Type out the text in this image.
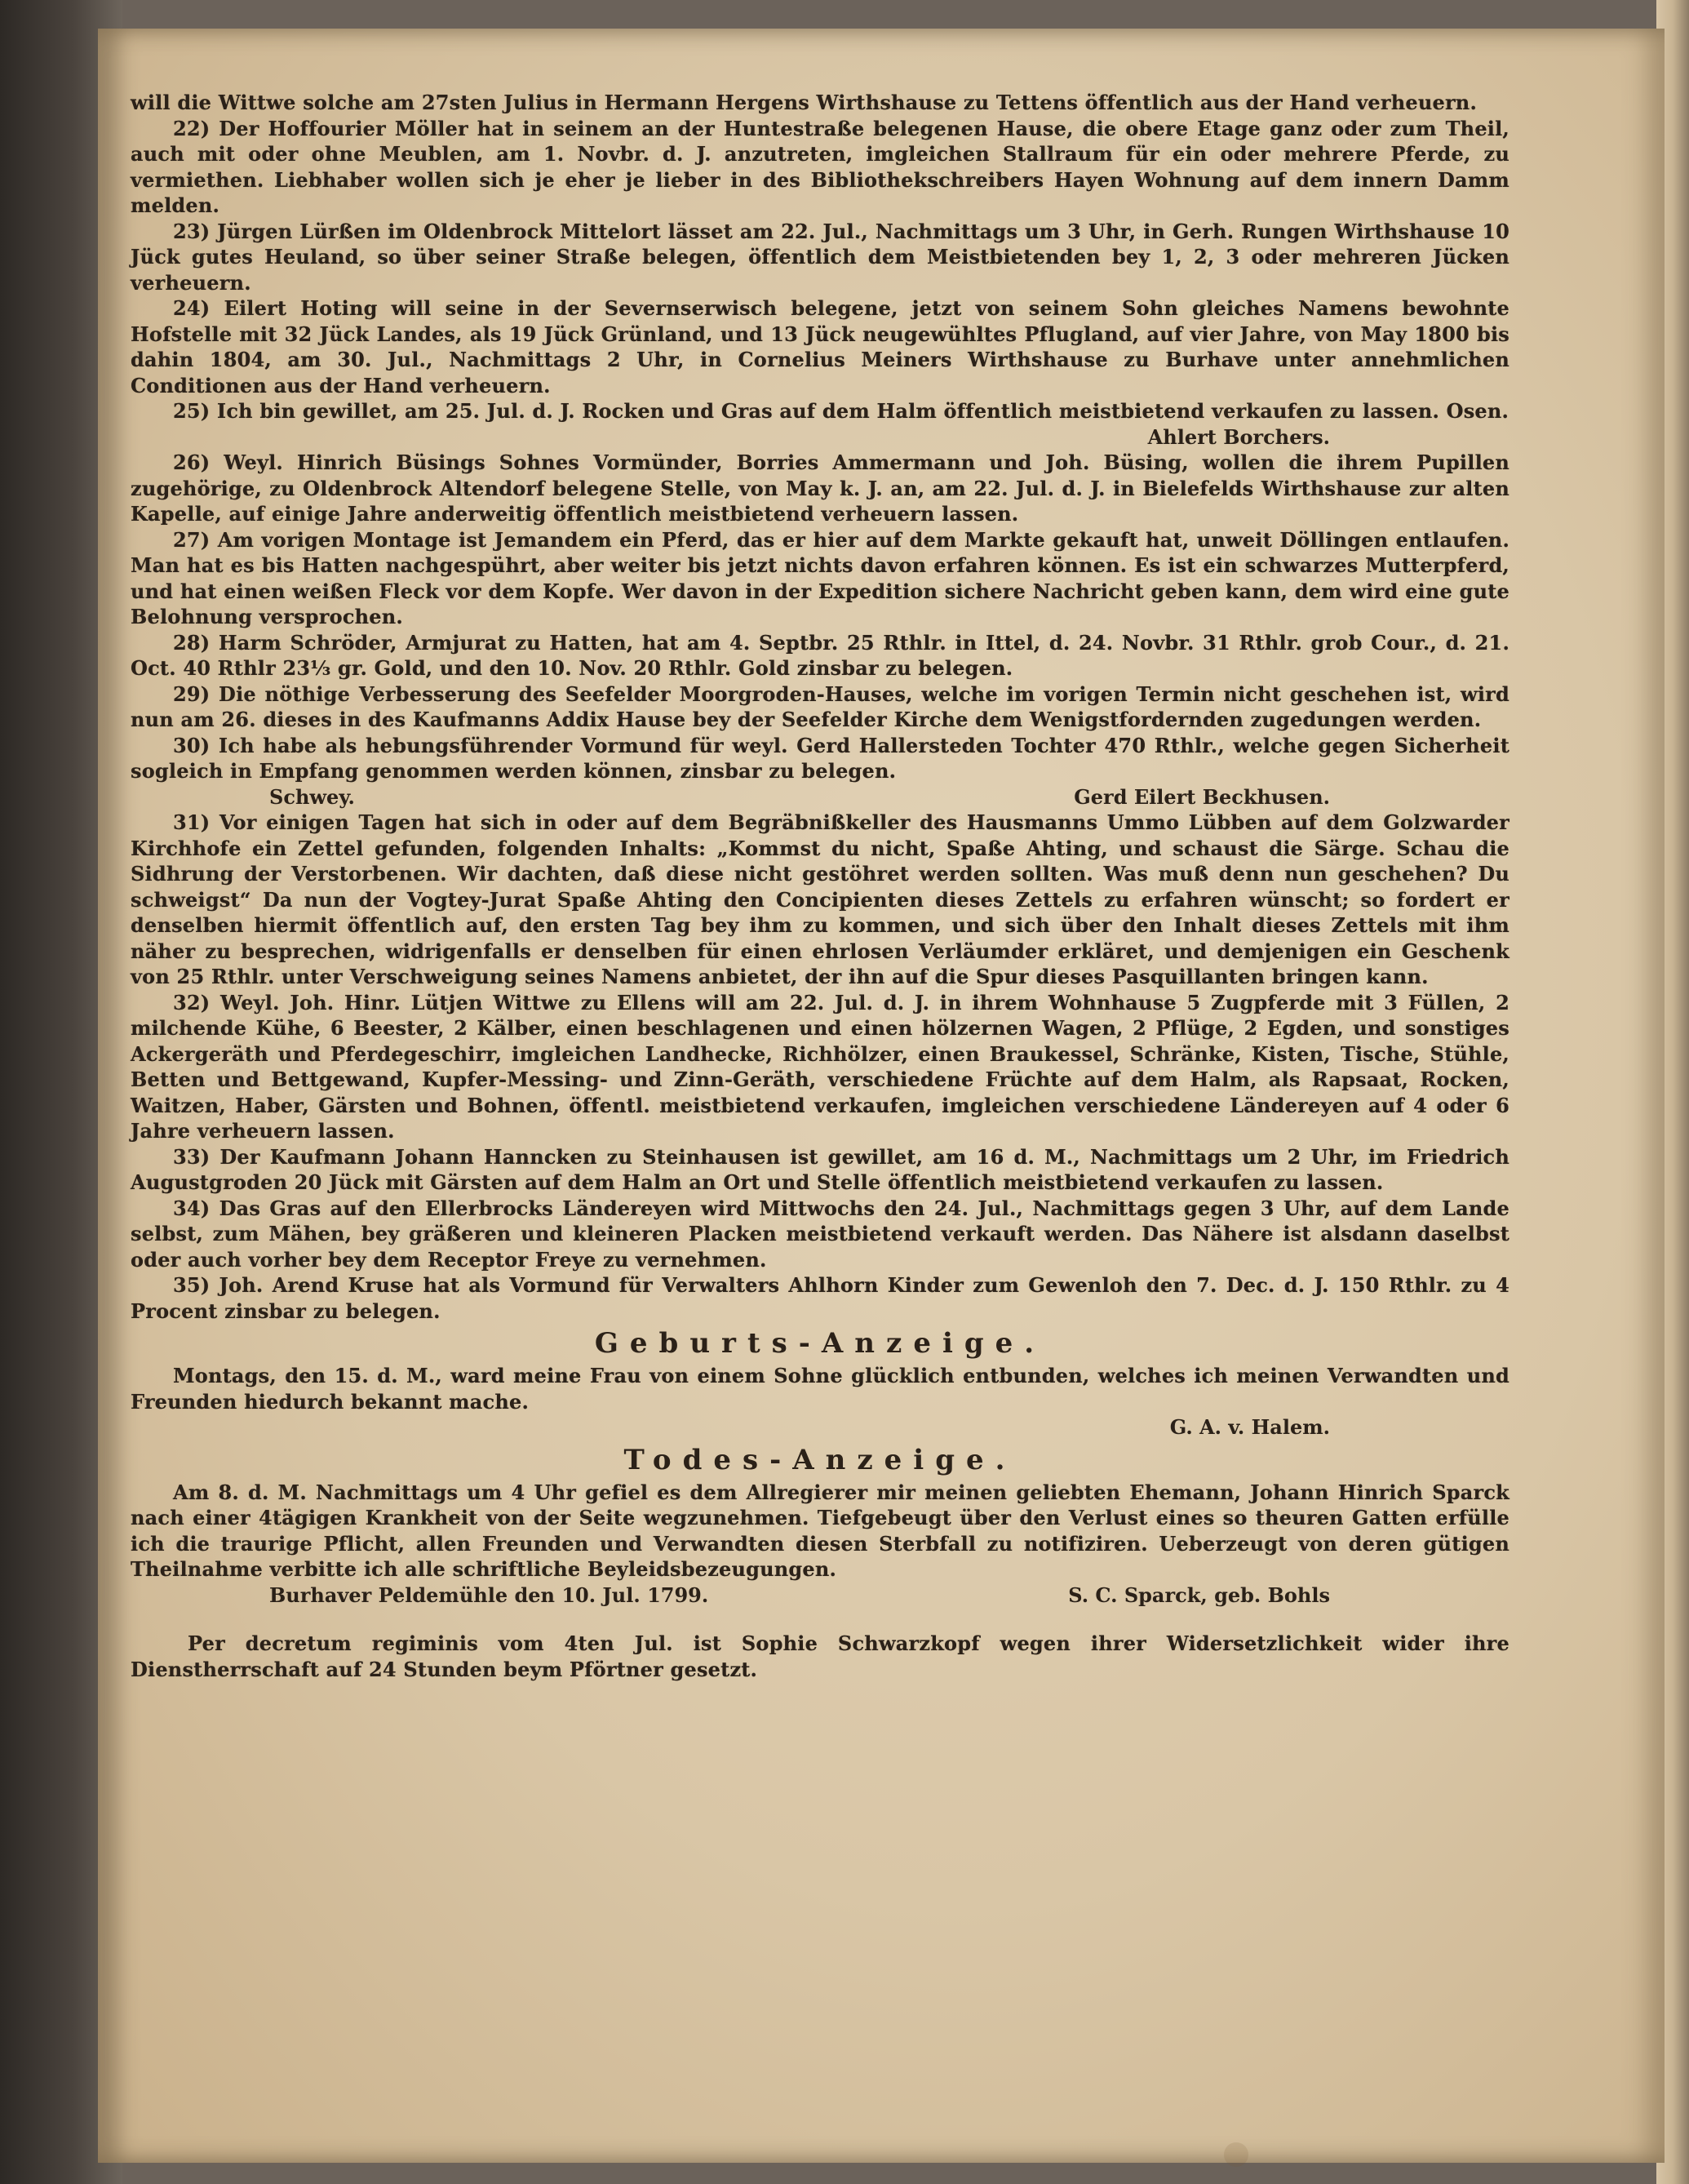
will die Wittwe solche am 27sten Julius in Hermann Hergens Wirthshause zu Tettens öffentlich aus der Hand verheuern.

22) Der Hoffourier Möller hat in seinem an der Huntestraße belegenen Hause, die obere Etage ganz oder zum Theil, auch mit oder ohne Meublen, am 1. Novbr. d. J. anzutreten, imgleichen Stallraum für ein oder mehrere Pferde, zu vermiethen. Liebhaber wollen sich je eher je lieber in des Bibliothekschreibers Hayen Wohnung auf dem innern Damm melden.

23) Jürgen Lürßen im Oldenbrock Mittelort lässet am 22. Jul., Nachmittags um 3 Uhr, in Gerh. Rungen Wirthshause 10 Jück gutes Heuland, so über seiner Straße belegen, öffentlich dem Meistbietenden bey 1, 2, 3 oder mehreren Jücken verheuern.

24) Eilert Hoting will seine in der Severnserwisch belegene, jetzt von seinem Sohn gleiches Namens bewohnte Hofstelle mit 32 Jück Landes, als 19 Jück Grünland, und 13 Jück neugewühltes Pflugland, auf vier Jahre, von May 1800 bis dahin 1804, am 30. Jul., Nachmittags 2 Uhr, in Cornelius Meiners Wirthshause zu Burhave unter annehmlichen Conditionen aus der Hand verheuern.

25) Ich bin gewillet, am 25. Jul. d. J. Rocken und Gras auf dem Halm öffentlich meistbietend verkaufen zu lassen. Osen.

Ahlert Borchers.

26) Weyl. Hinrich Büsings Sohnes Vormünder, Borries Ammermann und Joh. Büsing, wollen die ihrem Pupillen zugehörige, zu Oldenbrock Altendorf belegene Stelle, von May k. J. an, am 22. Jul. d. J. in Bielefelds Wirthshause zur alten Kapelle, auf einige Jahre anderweitig öffentlich meistbietend verheuern lassen.

27) Am vorigen Montage ist Jemandem ein Pferd, das er hier auf dem Markte gekauft hat, unweit Döllingen entlaufen. Man hat es bis Hatten nachgespührt, aber weiter bis jetzt nichts davon erfahren können. Es ist ein schwarzes Mutterpferd, und hat einen weißen Fleck vor dem Kopfe. Wer davon in der Expedition sichere Nachricht geben kann, dem wird eine gute Belohnung versprochen.

28) Harm Schröder, Armjurat zu Hatten, hat am 4. Septbr. 25 Rthlr. in Ittel, d. 24. Novbr. 31 Rthlr. grob Cour., d. 21. Oct. 40 Rthlr 23⅓ gr. Gold, und den 10. Nov. 20 Rthlr. Gold zinsbar zu belegen.

29) Die nöthige Verbesserung des Seefelder Moorgroden-Hauses, welche im vorigen Termin nicht geschehen ist, wird nun am 26. dieses in des Kaufmanns Addix Hause bey der Seefelder Kirche dem Wenigstfordernden zugedungen werden.

30) Ich habe als hebungsführender Vormund für weyl. Gerd Hallersteden Tochter 470 Rthlr., welche gegen Sicherheit sogleich in Empfang genommen werden können, zinsbar zu belegen.

Schwey.	Gerd Eilert Beckhusen.

31) Vor einigen Tagen hat sich in oder auf dem Begräbnißkeller des Hausmanns Ummo Lübben auf dem Golzwarder Kirchhofe ein Zettel gefunden, folgenden Inhalts: „Kommst du nicht, Spaße Ahting, und schaust die Särge. Schau die Sidhrung der Verstorbenen. Wir dachten, daß diese nicht gestöhret werden sollten. Was muß denn nun geschehen? Du schweigst“ Da nun der Vogtey-Jurat Spaße Ahting den Concipienten dieses Zettels zu erfahren wünscht; so fordert er denselben hiermit öffentlich auf, den ersten Tag bey ihm zu kommen, und sich über den Inhalt dieses Zettels mit ihm näher zu besprechen, widrigenfalls er denselben für einen ehrlosen Verläumder erkläret, und demjenigen ein Geschenk von 25 Rthlr. unter Verschweigung seines Namens anbietet, der ihn auf die Spur dieses Pasquillanten bringen kann.

32) Weyl. Joh. Hinr. Lütjen Wittwe zu Ellens will am 22. Jul. d. J. in ihrem Wohnhause 5 Zugpferde mit 3 Füllen, 2 milchende Kühe, 6 Beester, 2 Kälber, einen beschlagenen und einen hölzernen Wagen, 2 Pflüge, 2 Egden, und sonstiges Ackergeräth und Pferdegeschirr, imgleichen Landhecke, Richhölzer, einen Braukessel, Schränke, Kisten, Tische, Stühle, Betten und Bettgewand, Kupfer-Messing- und Zinn-Geräth, verschiedene Früchte auf dem Halm, als Rapsaat, Rocken, Waitzen, Haber, Gärsten und Bohnen, öffentl. meistbietend verkaufen, imgleichen verschiedene Ländereyen auf 4 oder 6 Jahre verheuern lassen.

33) Der Kaufmann Johann Hanncken zu Steinhausen ist gewillet, am 16 d. M., Nachmittags um 2 Uhr, im Friedrich Augustgroden 20 Jück mit Gärsten auf dem Halm an Ort und Stelle öffentlich meistbietend verkaufen zu lassen.

34) Das Gras auf den Ellerbrocks Ländereyen wird Mittwochs den 24. Jul., Nachmittags gegen 3 Uhr, auf dem Lande selbst, zum Mähen, bey gräßeren und kleineren Placken meistbietend verkauft werden. Das Nähere ist alsdann daselbst oder auch vorher bey dem Receptor Freye zu vernehmen.

35) Joh. Arend Kruse hat als Vormund für Verwalters Ahlhorn Kinder zum Gewenloh den 7. Dec. d. J. 150 Rthlr. zu 4 Procent zinsbar zu belegen.

Geburts-Anzeige.

Montags, den 15. d. M., ward meine Frau von einem Sohne glücklich entbunden, welches ich meinen Verwandten und Freunden hiedurch bekannt mache.

G. A. v. Halem.
Todes-Anzeige.

Am 8. d. M. Nachmittags um 4 Uhr gefiel es dem Allregierer mir meinen geliebten Ehemann, Johann Hinrich Sparck nach einer 4tägigen Krankheit von der Seite wegzunehmen. Tiefgebeugt über den Verlust eines so theuren Gatten erfülle ich die traurige Pflicht, allen Freunden und Verwandten diesen Sterbfall zu notifiziren. Ueberzeugt von deren gütigen Theilnahme verbitte ich alle schriftliche Beyleidsbezeugungen.

Burhaver Peldemühle den 10. Jul. 1799.	S. C. Sparck, geb. Bohls

Per decretum regiminis vom 4ten Jul. ist Sophie Schwarzkopf wegen ihrer Widersetzlichkeit wider ihre Dienstherrschaft auf 24 Stunden beym Pförtner gesetzt.
